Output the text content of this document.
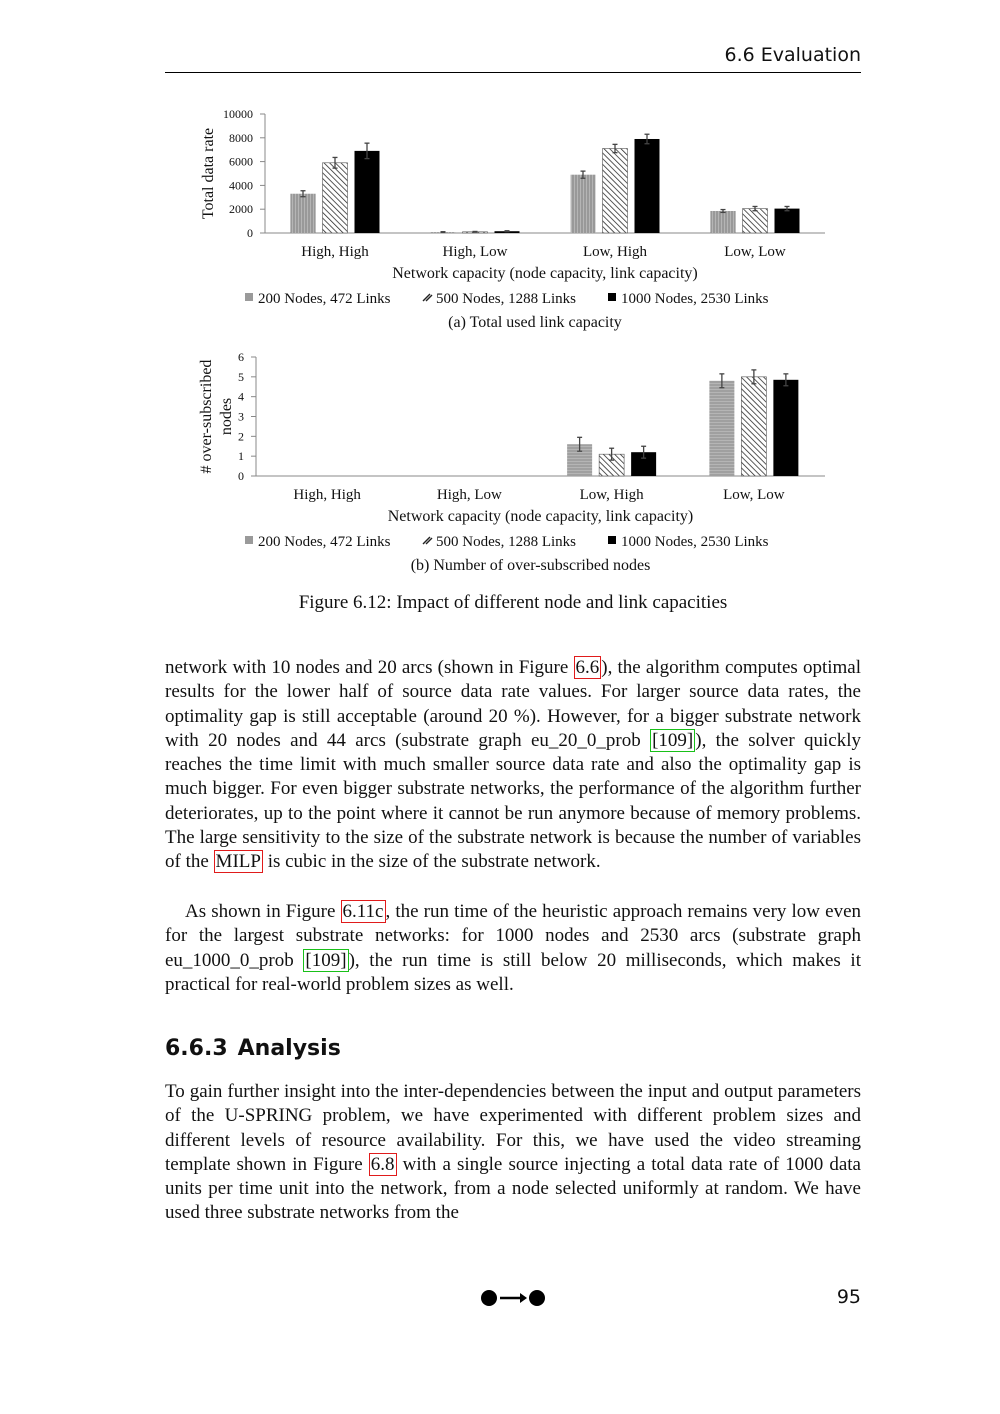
6.6 Evaluation
0
2000
4000
6000
8000
10000
High, High	High, Low	Low, High	Low, Low
Network capacity (node capacity, link capacity)
Total data rate
200 Nodes, 472 Links	500 Nodes, 1288 Links	1000 Nodes, 2530 Links
(a) Total used link capacity
0
1
2
3
4
5
6
High, High	High, Low	Low, High	Low, Low
Network capacity (node capacity, link capacity)
# over-subscribed nodes
200 Nodes, 472 Links	500 Nodes, 1288 Links	1000 Nodes, 2530 Links
(b) Number of over-subscribed nodes
Figure 6.12: Impact of different node and link capacities

network with 10 nodes and 20 arcs (shown in Figure 6.6 ), the algorithm computes optimal results for the lower half of source data rate values. For larger source data rates, the optimality gap is still acceptable (around 20 %). However, for a bigger substrate network with 20 nodes and 44 arcs (substrate graph eu_20_0_prob [109] ), the solver quickly reaches the time limit with much smaller source data rate and also the optimality gap is much bigger. For even bigger substrate networks, the performance of the algorithm further deteriorates, up to the point where it cannot be run anymore because of memory problems. The large sensitivity to the size of the substrate network is because the number of variables of the MILP is cubic in the size of the substrate network.

As shown in Figure 6.11c , the run time of the heuristic approach remains very low even for the largest substrate networks: for 1000 nodes and 2530 arcs (substrate graph eu_1000_0_prob [109] ), the run time is still below 20 milliseconds, which makes it practical for real-world problem sizes as well.

6.6.3 Analysis

To gain further insight into the inter-dependencies between the input and output parameters of the U-SPRING problem, we have experimented with different problem sizes and different levels of resource availability. For this, we have used the video streaming template shown in Figure 6.8 with a single source injecting a total data rate of 1000 data units per time unit into the network, from a node selected uniformly at random. We have used three substrate networks from the

95
